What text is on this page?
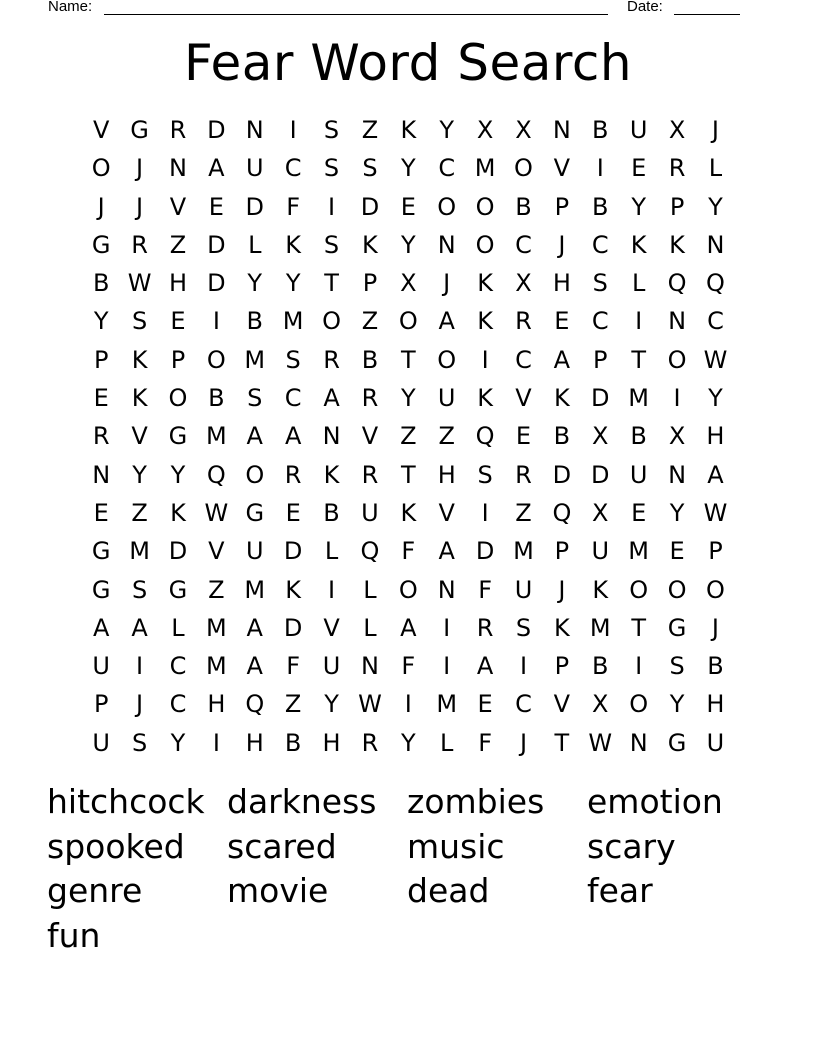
Name:	Date:
Fear Word Search
V G R D N	I	S Z K Y X X N B U X	J
O	J	N A U C S S Y C M O V	I	E R L
J	J	V E D F	I	D E O O B P B Y P Y
G R Z D L K S K Y N O C	J	C K K N
B W H D Y Y T P X	J	K X H S	L Q Q
Y S E	I	B M O Z O A K R E C	I	N C
P K P O M S R B T O	I	C A P T O W
E K O B S C A R Y U K V K D M	I	Y
R V G M A A N V Z Z Q E B X B X H
N Y Y Q O R K R T H S R D D U N A
E Z K W G E B U K V	I	Z Q X E Y W
G M D V U D L Q F A D M P U M E P
G S G Z M K	I	L O N F U	J	K O O O
A A L M A D V L A	I	R S K M T G	J
U	I	C M A F U N F	I	A	I	P B	I	S B
P	J	C H Q Z Y W I	M E C V X O Y H
U S Y	I	H B H R Y	L	F	J	T W N G U
hitchcock darkness zombies	emotion
spooked	scared	music	scary
genre	movie	dead	fear
fun
